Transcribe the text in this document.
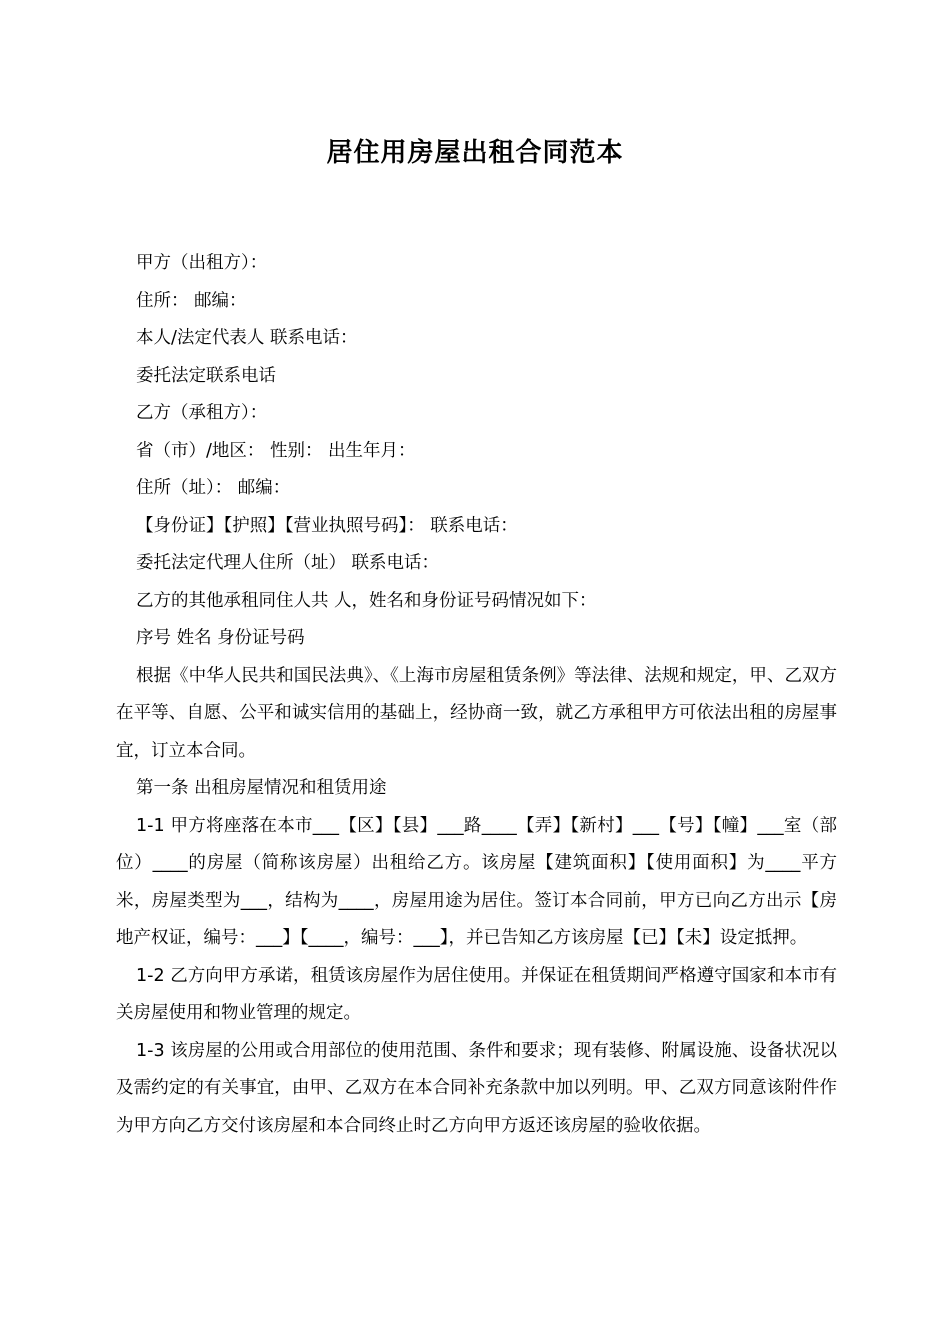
居住用房屋出租合同范本

甲方（出租方）：

住所： 邮编：

本人/法定代表人 联系电话：

委托法定联系电话

乙方（承租方）：

省（市）/地区： 性别： 出生年月：

住所（址）： 邮编：

【身份证】【护照】【营业执照号码】： 联系电话：

委托法定代理人住所（址） 联系电话：

乙方的其他承租同住人共 人，姓名和身份证号码情况如下：

序号 姓名 身份证号码

根据《中华人民共和国民法典》、《上海市房屋租赁条例》等法律、法规和规定，甲、乙双方在平等、自愿、公平和诚实信用的基础上，经协商一致，就乙方承租甲方可依法出租的房屋事宜，订立本合同。

第一条 出租房屋情况和租赁用途

1-1 甲方将座落在本市___【区】【县】___路____【弄】【新村】___【号】【幢】___室（部位）____的房屋（简称该房屋）出租给乙方。该房屋【建筑面积】【使用面积】为____平方米，房屋类型为___，结构为____，房屋用途为居住。签订本合同前，甲方已向乙方出示【房地产权证，编号：___】【____，编号：___】，并已告知乙方该房屋【已】【未】设定抵押。

1-2 乙方向甲方承诺，租赁该房屋作为居住使用。并保证在租赁期间严格遵守国家和本市有关房屋使用和物业管理的规定。

1-3 该房屋的公用或合用部位的使用范围、条件和要求；现有装修、附属设施、设备状况以及需约定的有关事宜，由甲、乙双方在本合同补充条款中加以列明。甲、乙双方同意该附件作为甲方向乙方交付该房屋和本合同终止时乙方向甲方返还该房屋的验收依据。
